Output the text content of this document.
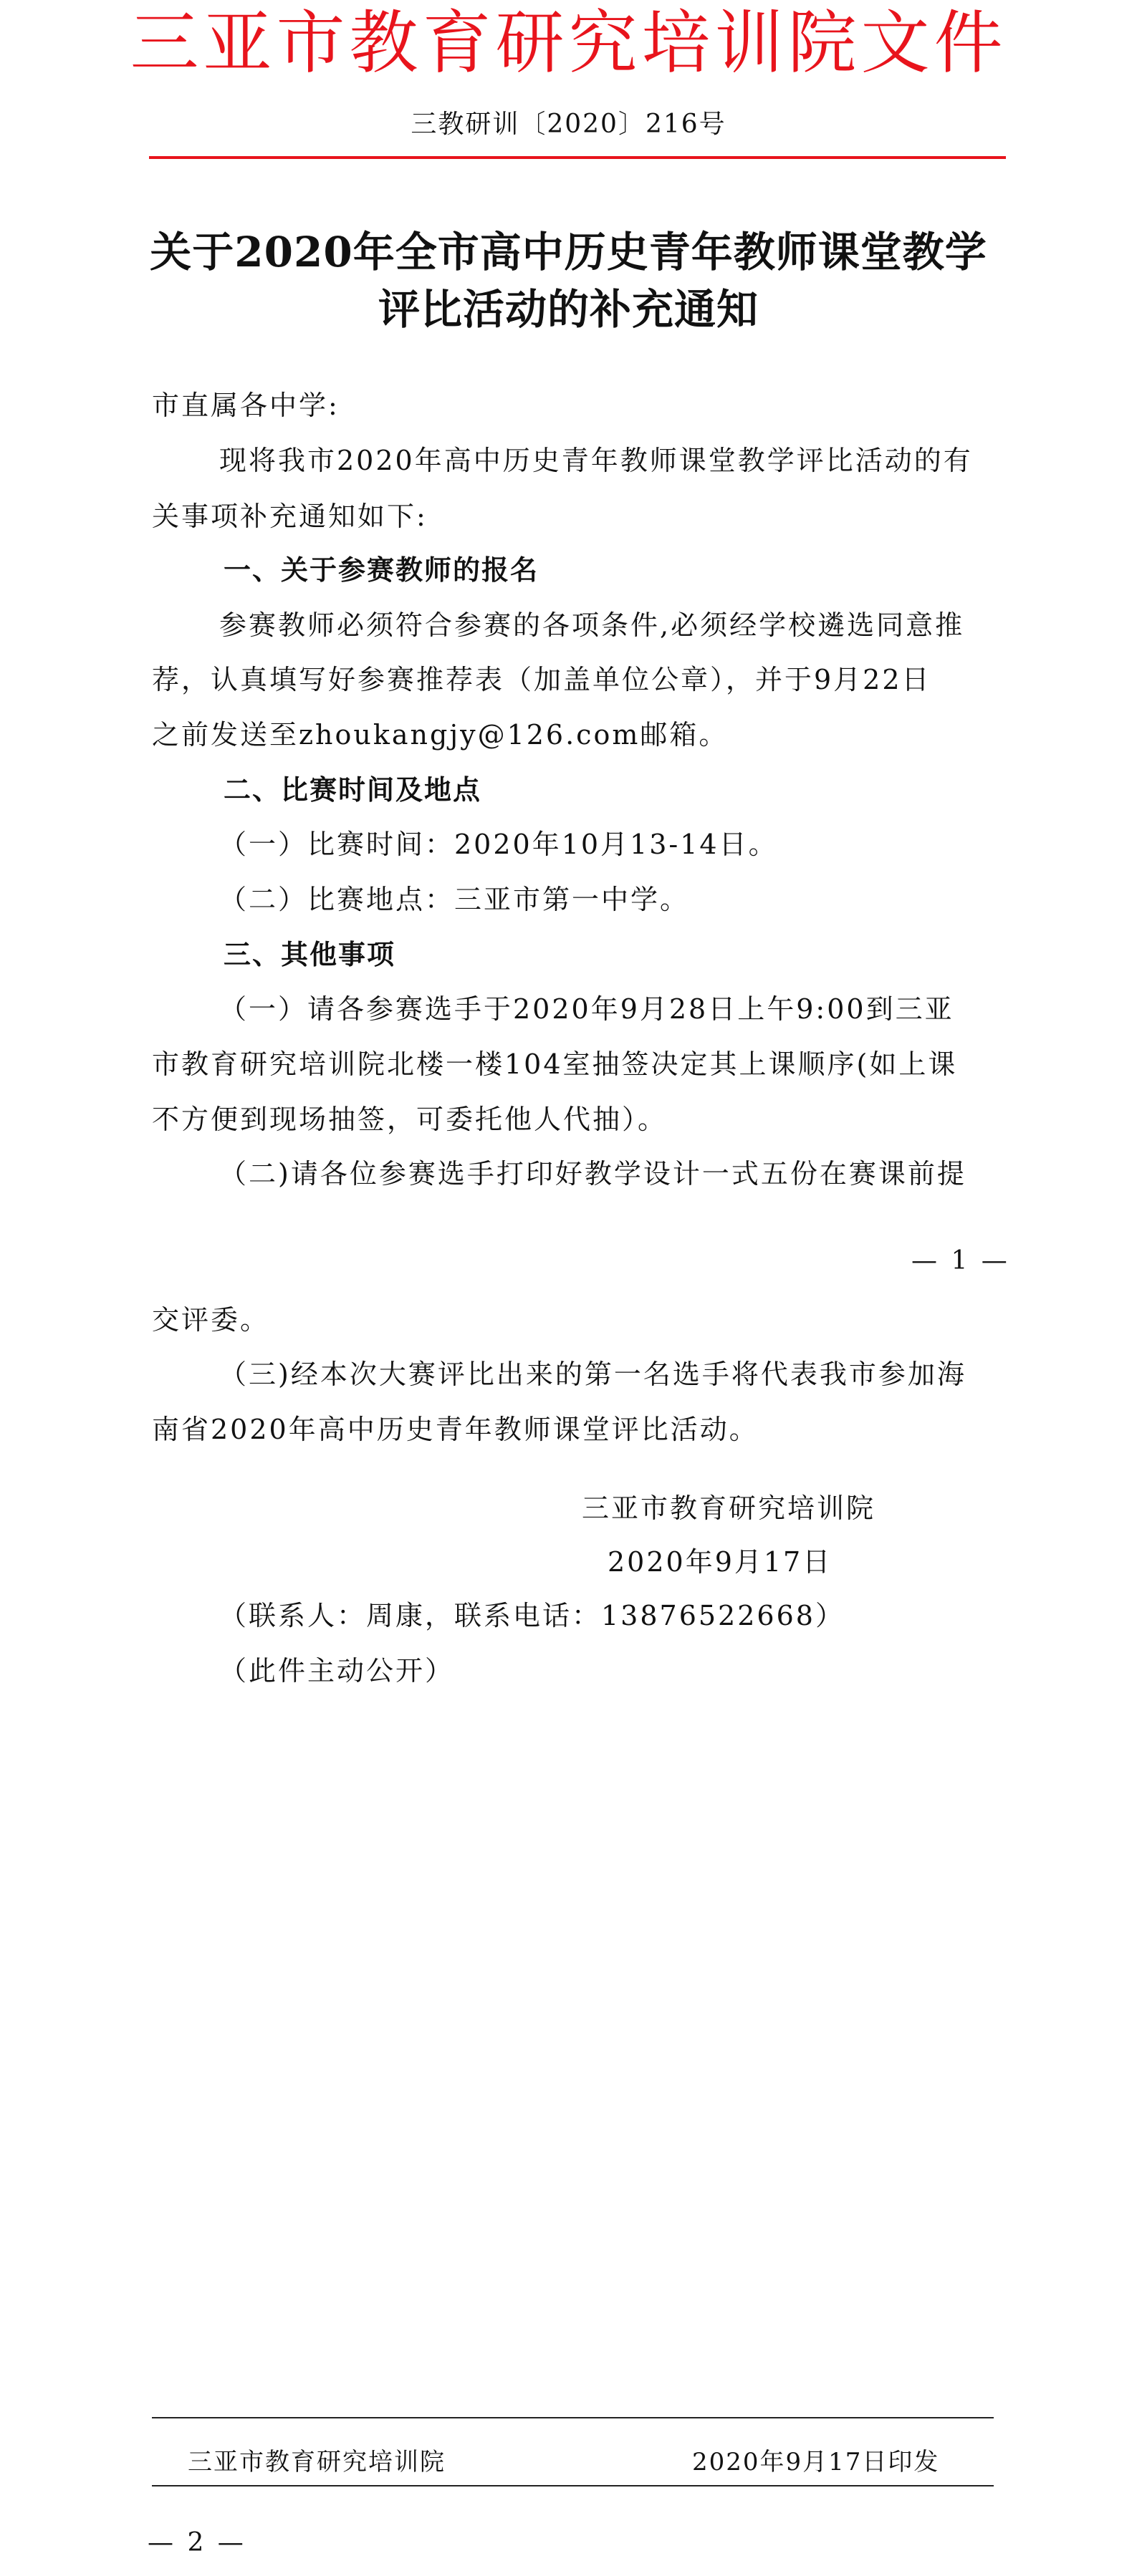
三亚市教育研究培训院文件
三教研训〔2020〕216号
关于2020年全市高中历史青年教师课堂教学
评比活动的补充通知
市直属各中学:
现将我市2020年高中历史青年教师课堂教学评比活动的有
关事项补充通知如下:
一、关于参赛教师的报名
参赛教师必须符合参赛的各项条件,必须经学校遴选同意推
荐，认真填写好参赛推荐表（加盖单位公章），并于9月22日
之前发送至zhoukangjy@126.com邮箱。
二、比赛时间及地点
（一）比赛时间：2020年10月13-14日。
（二）比赛地点：三亚市第一中学。
三、其他事项
（一）请各参赛选手于2020年9月28日上午9:00到三亚
市教育研究培训院北楼一楼104室抽签决定其上课顺序(如上课
不方便到现场抽签，可委托他人代抽）。
（二)请各位参赛选手打印好教学设计一式五份在赛课前提
— 1 —
交评委。
（三)经本次大赛评比出来的第一名选手将代表我市参加海
南省2020年高中历史青年教师课堂评比活动。
三亚市教育研究培训院
2020年9月17日
（联系人：周康，联系电话：13876522668）
（此件主动公开）
三亚市教育研究培训院	2020年9月17日印发
— 2 —
